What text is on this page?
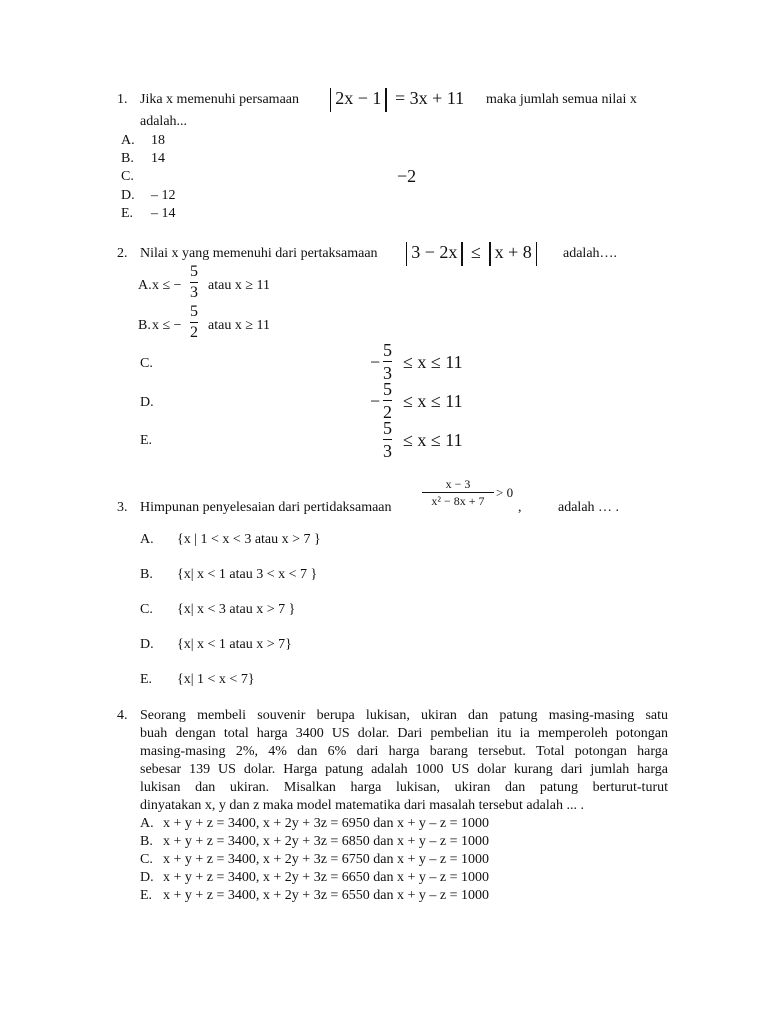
1. Jika x memenuhi persamaan	2x − 1 = 3x + 11 maka jumlah semua nilai x
adalah...
A. 18
B. 14
C.	−2
D. – 12
E. – 14
2. Nilai x yang memenuhi dari pertaksamaan	3 − 2x ≤ x + 8	adalah….
A. x ≤ −
5
3 atau x ≥ 11
B. x ≤ −
5
2 atau x ≥ 11
C.	−
5
3
≤ x ≤ 11
D.	−
5
2
≤ x ≤ 11
E.
5
3
≤ x ≤ 11
3. Himpunan penyelesaian dari pertidaksamaan
x − 3
x² − 8x + 7
> 0
,	adalah … .
A. {x | 1 < x < 3 atau x > 7 }
B. {x| x < 1 atau 3 < x < 7 }
C. {x| x < 3 atau x > 7 }
D. {x| x < 1 atau x > 7}
E. {x| 1 < x < 7}
4. Seorang membeli souvenir berupa lukisan, ukiran dan patung masing-masing satu
buah dengan total harga 3400 US dolar. Dari pembelian itu ia memperoleh potongan
masing-masing 2%, 4% dan 6% dari harga barang tersebut. Total potongan harga
sebesar 139 US dolar. Harga patung adalah 1000 US dolar kurang dari jumlah harga
lukisan dan ukiran. Misalkan harga lukisan, ukiran dan patung berturut-turut
dinyatakan x, y dan z maka model matematika dari masalah tersebut adalah ... .
A. x + y + z = 3400, x + 2y + 3z = 6950 dan x + y – z = 1000
B. x + y + z = 3400, x + 2y + 3z = 6850 dan x + y – z = 1000
C. x + y + z = 3400, x + 2y + 3z = 6750 dan x + y – z = 1000
D. x + y + z = 3400, x + 2y + 3z = 6650 dan x + y – z = 1000
E. x + y + z = 3400, x + 2y + 3z = 6550 dan x + y – z = 1000
